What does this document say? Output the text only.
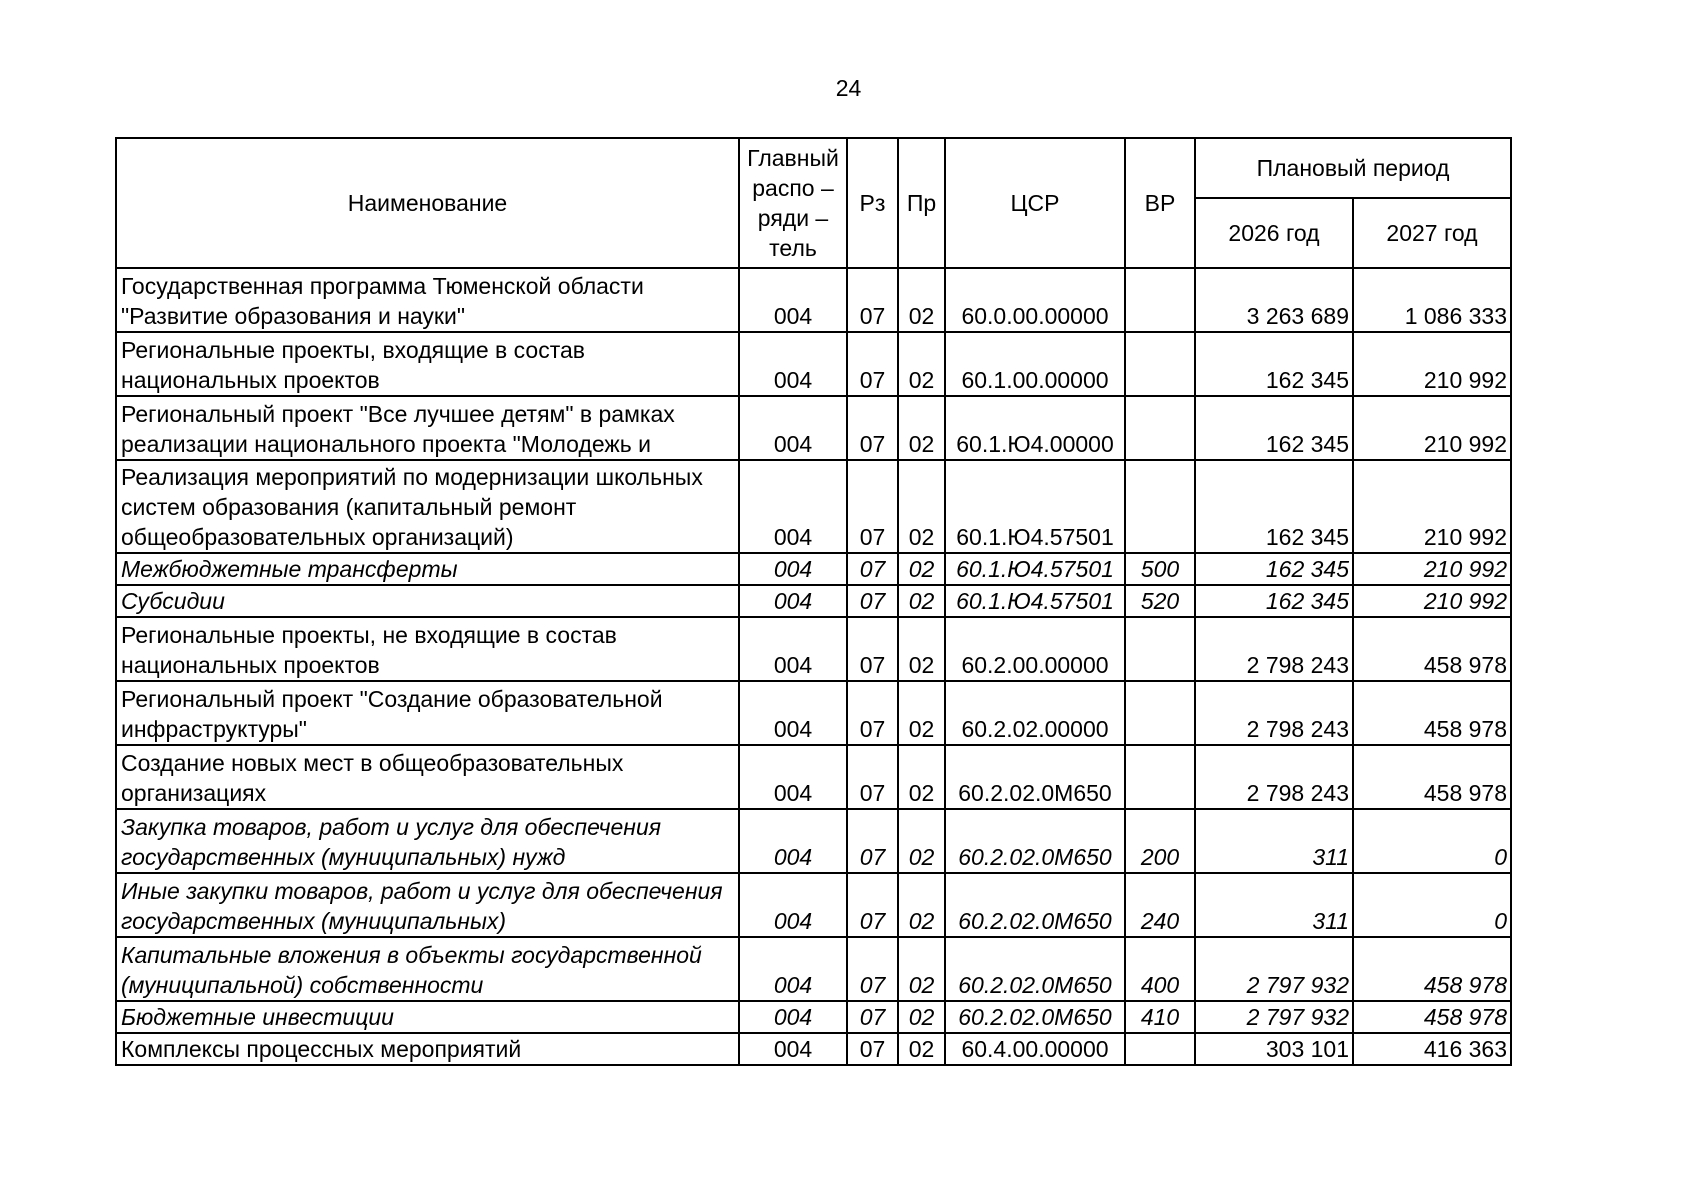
24
Наименование	Главный
распо –
ряди –
тель	Рз	Пр	ЦСР	ВР	Плановый период	
						2026 год	2027 год
Государственная программа Тюменской области "Развитие образования и науки"	004	07	02	60.0.00.00000		3 263 689	1 086 333
Региональные проекты, входящие в состав национальных проектов	004	07	02	60.1.00.00000		162 345	210 992
Региональный проект "Все лучшее детям" в рамках реализации национального проекта "Молодежь и	004	07	02	60.1.Ю4.00000		162 345	210 992
Реализация мероприятий по модернизации школьных систем образования (капитальный ремонт общеобразовательных организаций)	004	07	02	60.1.Ю4.57501		162 345	210 992
Межбюджетные трансферты	004	07	02	60.1.Ю4.57501	500	162 345	210 992
Субсидии	004	07	02	60.1.Ю4.57501	520	162 345	210 992
Региональные проекты, не входящие в состав национальных проектов	004	07	02	60.2.00.00000		2 798 243	458 978
Региональный проект "Создание образовательной инфраструктуры"	004	07	02	60.2.02.00000		2 798 243	458 978
Создание новых мест в общеобразовательных организациях	004	07	02	60.2.02.0М650		2 798 243	458 978
Закупка товаров, работ и услуг для обеспечения государственных (муниципальных) нужд	004	07	02	60.2.02.0М650	200	311	0
Иные закупки товаров, работ и услуг для обеспечения государственных (муниципальных)	004	07	02	60.2.02.0М650	240	311	0
Капитальные вложения в объекты государственной (муниципальной) собственности	004	07	02	60.2.02.0М650	400	2 797 932	458 978
Бюджетные инвестиции	004	07	02	60.2.02.0М650	410	2 797 932	458 978
Комплексы процессных мероприятий	004	07	02	60.4.00.00000		303 101	416 363
